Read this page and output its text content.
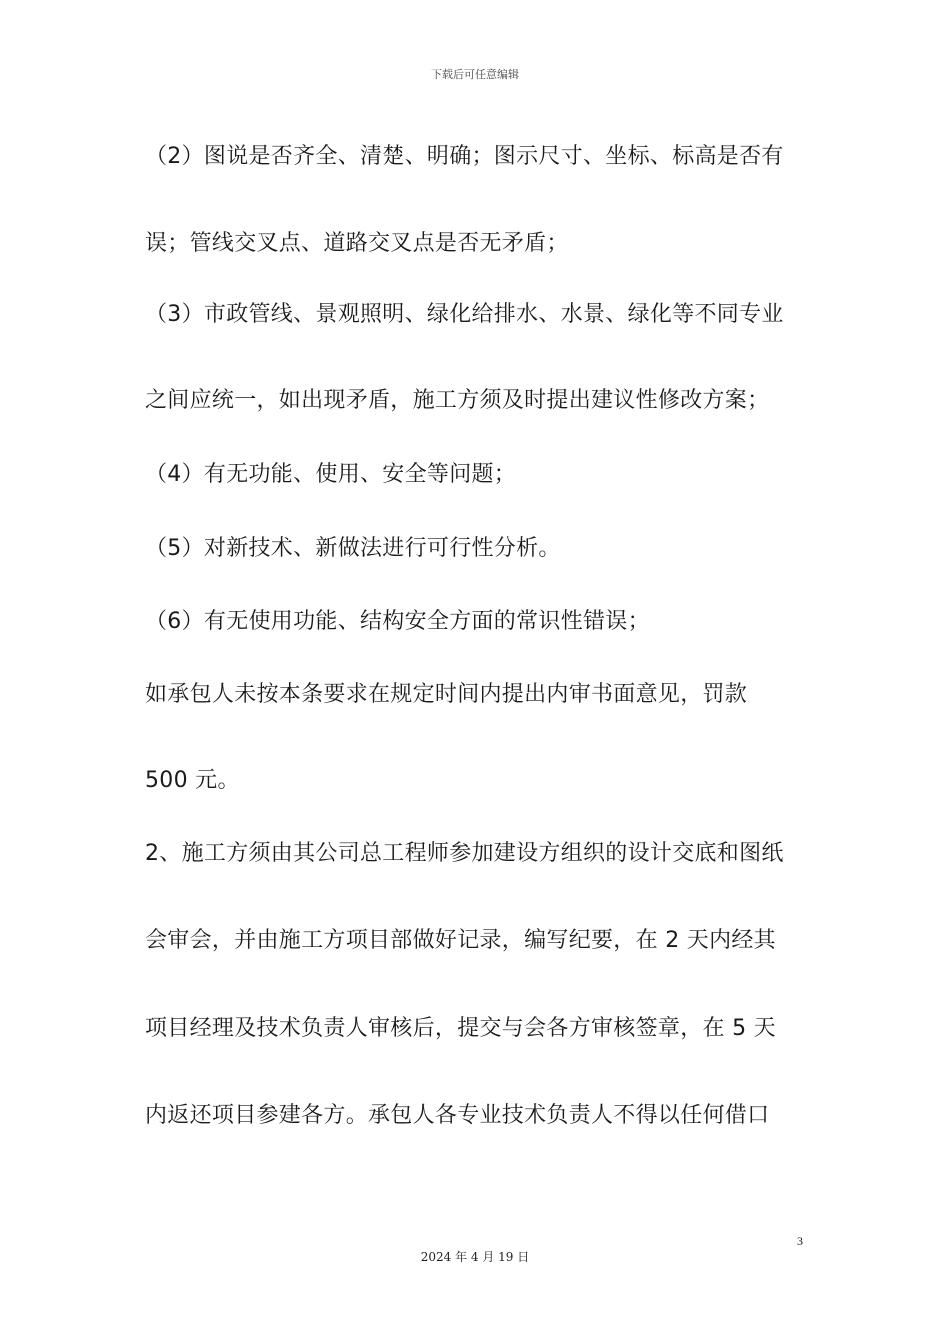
下载后可任意编辑
（2）图说是否齐全、清楚、明确；图示尺寸、坐标、标高是否有
误；管线交叉点、道路交叉点是否无矛盾；
（3）市政管线、景观照明、绿化给排水、水景、绿化等不同专业
之间应统一，如出现矛盾，施工方须及时提出建议性修改方案；
（4）有无功能、使用、安全等问题；
（5）对新技术、新做法进行可行性分析。
（6）有无使用功能、结构安全方面的常识性错误；
如承包人未按本条要求在规定时间内提出内审书面意见，罚款
500 元。
2、施工方须由其公司总工程师参加建设方组织的设计交底和图纸
会审会，并由施工方项目部做好记录，编写纪要，在 2 天内经其
项目经理及技术负责人审核后，提交与会各方审核签章，在 5 天
内返还项目参建各方。承包人各专业技术负责人不得以任何借口
3
2024 年 4 月 19 日
